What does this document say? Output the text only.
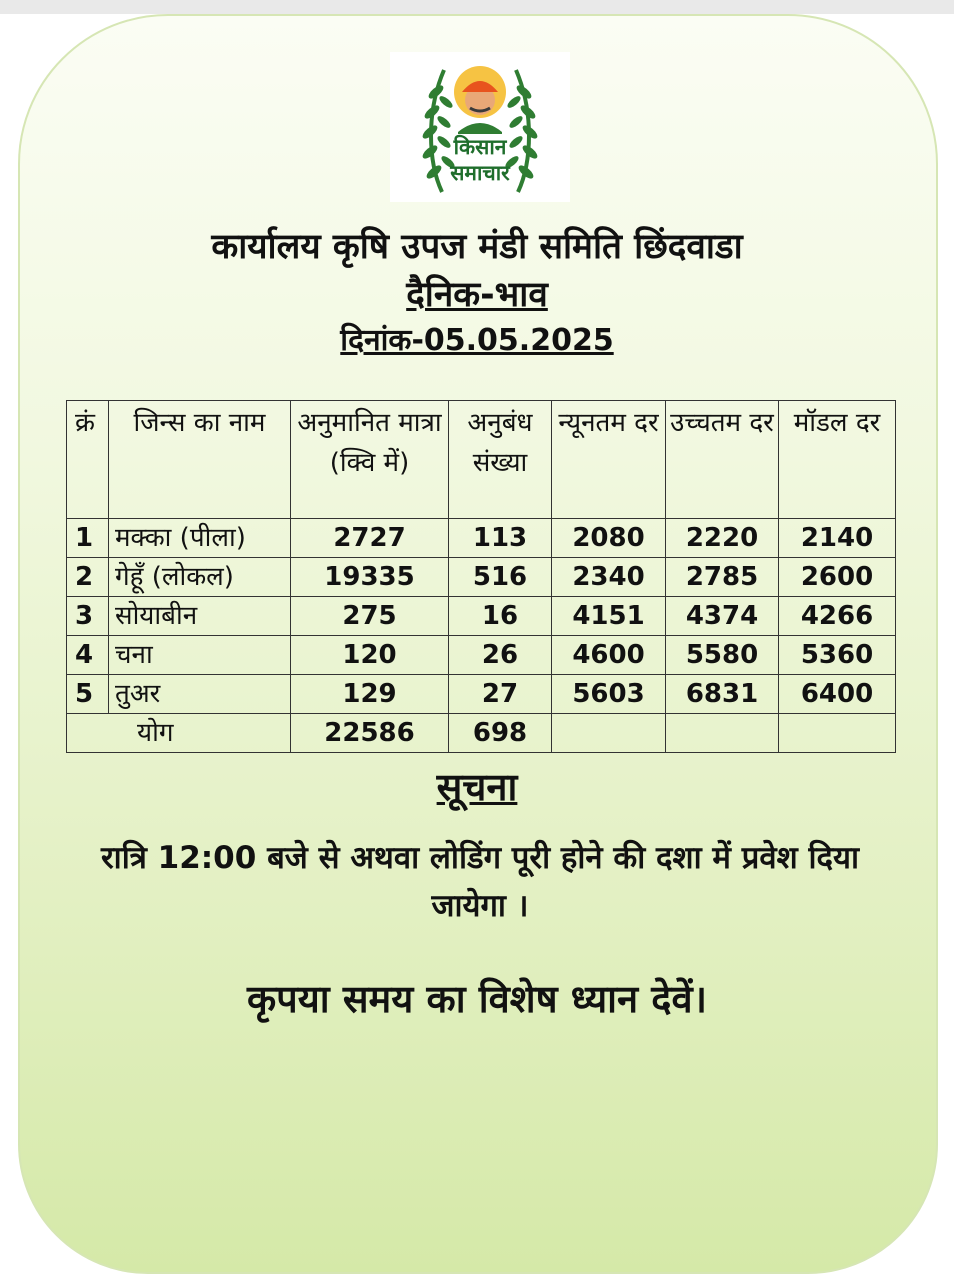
किसान
समाचार
कार्यालय कृषि उपज मंडी समिति छिंदवाडा
दैनिक-भाव
दिनांक-05.05.2025
क्रं	जिन्स का नाम	अनुमानित मात्रा (क्वि में)	अनुबंध संख्या	न्यूनतम दर	उच्चतम दर	मॉडल दर
1	मक्का (पीला)	2727	113	2080	2220	2140
2	गेहूँ (लोकल)	19335	516	2340	2785	2600
3	सोयाबीन	275	16	4151	4374	4266
4	चना	120	26	4600	5580	5360
5	तुअर	129	27	5603	6831	6400
योग		22586	698			
सूचना
रात्रि 12:00 बजे से अथवा लोडिंग पूरी होने की दशा में प्रवेश दिया जायेगा ।
कृपया समय का विशेष ध्यान देवें।
